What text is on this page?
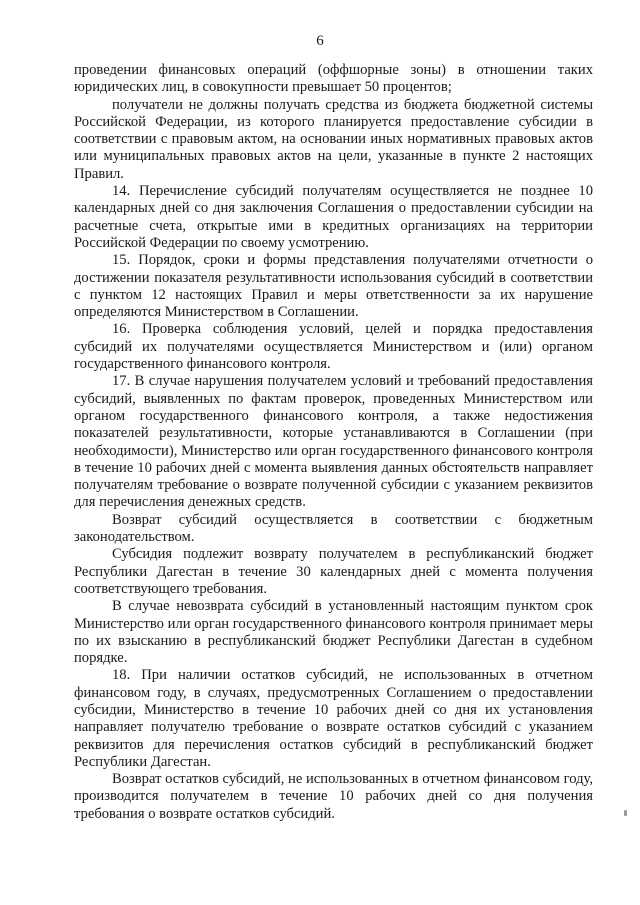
6

проведении финансовых операций (оффшорные зоны) в отношении таких юридических лиц, в совокупности превышает 50 процентов;

получатели не должны получать средства из бюджета бюджетной системы Российской Федерации, из которого планируется предоставление субсидии в соответствии с правовым актом, на основании иных нормативных правовых актов или муниципальных правовых актов на цели, указанные в пункте 2 настоящих Правил.

14. Перечисление субсидий получателям осуществляется не позднее 10 календарных дней со дня заключения Соглашения о предоставлении субсидии на расчетные счета, открытые ими в кредитных организациях на территории Российской Федерации по своему усмотрению.

15. Порядок, сроки и формы представления получателями отчетности о достижении показателя результативности использования субсидий в соответствии с пунктом 12 настоящих Правил и меры ответственности за их нарушение определяются Министерством в Соглашении.

16. Проверка соблюдения условий, целей и порядка предоставления субсидий их получателями осуществляется Министерством и (или) органом государственного финансового контроля.

17. В случае нарушения получателем условий и требований предоставления субсидий, выявленных по фактам проверок, проведенных Министерством или органом государственного финансового контроля, а также недостижения показателей результативности, которые устанавливаются в Соглашении (при необходимости), Министерство или орган государственного финансового контроля в течение 10 рабочих дней с момента выявления данных обстоятельств направляет получателям требование о возврате полученной субсидии с указанием реквизитов для перечисления денежных средств.

Возврат субсидий осуществляется в соответствии с бюджетным законодательством.

Субсидия подлежит возврату получателем в республиканский бюджет Республики Дагестан в течение 30 календарных дней с момента получения соответствующего требования.

В случае невозврата субсидий в установленный настоящим пунктом срок Министерство или орган государственного финансового контроля принимает меры по их взысканию в республиканский бюджет Республики Дагестан в судебном порядке.

18. При наличии остатков субсидий, не использованных в отчетном финансовом году, в случаях, предусмотренных Соглашением о предоставлении субсидии, Министерство в течение 10 рабочих дней со дня их установления направляет получателю требование о возврате остатков субсидий с указанием реквизитов для перечисления остатков субсидий в республиканский бюджет Республики Дагестан.

Возврат остатков субсидий, не использованных в отчетном финансовом году, производится получателем в течение 10 рабочих дней со дня получения требования о возврате остатков субсидий.
